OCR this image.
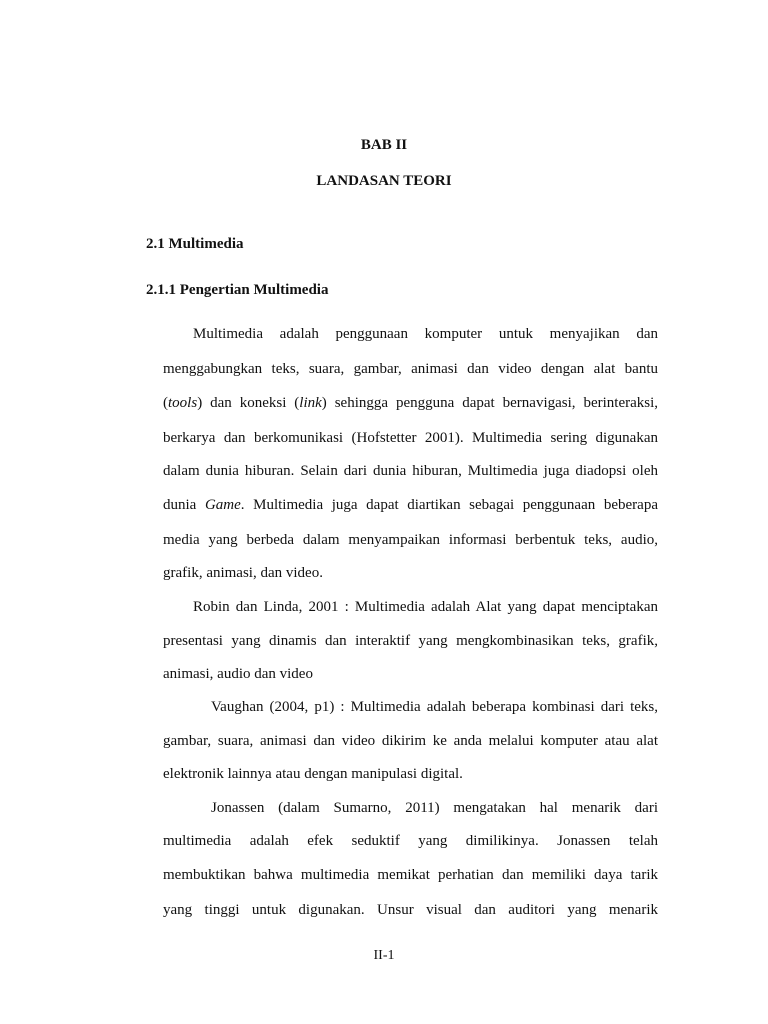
BAB II
LANDASAN TEORI
2.1 Multimedia
2.1.1 Pengertian Multimedia

Multimedia adalah penggunaan komputer untuk menyajikan dan

menggabungkan teks, suara, gambar, animasi dan video dengan alat bantu

(tools) dan koneksi (link) sehingga pengguna dapat bernavigasi, berinteraksi,

berkarya dan berkomunikasi (Hofstetter 2001). Multimedia sering digunakan

dalam dunia hiburan. Selain dari dunia hiburan, Multimedia juga diadopsi oleh

dunia Game. Multimedia juga dapat diartikan sebagai penggunaan beberapa

media yang berbeda dalam menyampaikan informasi berbentuk teks, audio,

grafik, animasi, dan video.

Robin dan Linda, 2001 : Multimedia adalah Alat yang dapat menciptakan

presentasi yang dinamis dan interaktif yang mengkombinasikan teks, grafik,

animasi, audio dan video

Vaughan (2004, p1) : Multimedia adalah beberapa kombinasi dari teks,

gambar, suara, animasi dan video dikirim ke anda melalui komputer atau alat

elektronik lainnya atau dengan manipulasi digital.

Jonassen (dalam Sumarno, 2011) mengatakan hal menarik dari

multimedia adalah efek seduktif yang dimilikinya. Jonassen telah

membuktikan bahwa multimedia memikat perhatian dan memiliki daya tarik

yang tinggi untuk digunakan. Unsur visual dan auditori yang menarik

II-1
